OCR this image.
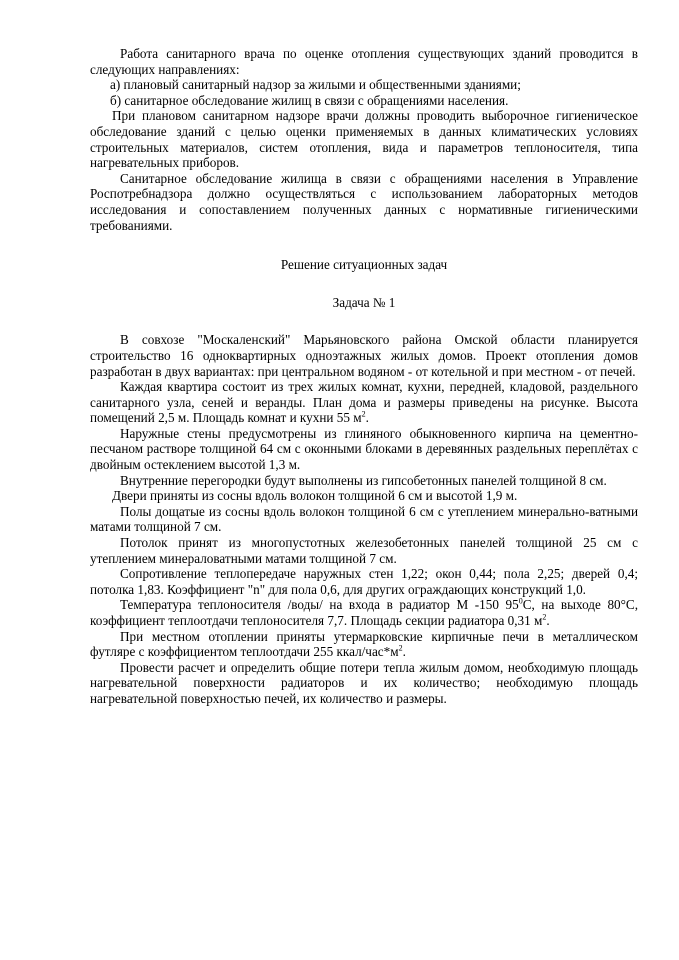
Работа санитарного врача по оценке отопления существующих зданий проводится в следующих направлениях:

а) плановый санитарный надзор за жилыми и общественными зданиями;

б) санитарное обследование жилищ в связи с обращениями населения.

При плановом санитарном надзоре врачи должны проводить выборочное гигиеническое обследование зданий с целью оценки применяемых в данных климатических условиях строительных материалов, систем отопления, вида и параметров теплоносителя, типа нагревательных приборов.

Санитарное обследование жилища в связи с обращениями населения в Управление Роспотребнадзора должно осуществляться с использованием лабораторных методов исследования и сопоставлением полученных данных с нормативные гигиеническими требованиями.

Решение ситуационных задач

Задача № 1

В совхозе "Москаленский" Марьяновского района Омской области планируется строительство 16 одноквартирных одноэтажных жилых домов. Проект отопления домов разработан в двух вариантах: при центральном водяном - от котельной и при местном - от печей.

Каждая квартира состоит из трех жилых комнат, кухни, передней, кладовой, раздельного санитарного узла, сеней и веранды. План дома и размеры приведены на рисунке. Высота помещений 2,5 м. Площадь комнат и кухни 55 $м^2$.

Наружные стены предусмотрены из глиняного обыкновенного кирпича на цементно-песчаном растворе толщиной 64 см с оконными блоками в деревянных раздельных переплётах с двойным остеклением высотой 1,3 м.

Внутренние перегородки будут выполнены из гипсобетонных панелей толщиной 8 см.

Двери приняты из сосны вдоль волокон толщиной 6 см и высотой 1,9 м.

Полы дощатые из сосны вдоль волокон толщиной 6 см с утеплением минерально-ватными матами толщиной 7 см.

Потолок принят из многопустотных железобетонных панелей толщиной 25 см с утеплением минераловатными матами толщиной 7 см.

Сопротивление теплопередаче наружных стен 1,22; окон 0,44; пола 2,25; дверей 0,4; потолка 1,83. Коэффициент "n" для пола 0,6, для других ограждающих конструкций 1,0.

Температура теплоносителя /воды/ на входа в радиатор М -150 $95^0С$, на выходе 80°С, коэффициент теплоотдачи теплоносителя 7,7. Площадь секции радиатора 0,31 $м^2$.

При местном отоплении приняты утермарковские кирпичные печи в металлическом футляре с коэффициентом теплоотдачи 255 ккал/$час*м^2$.

Провести расчет и определить общие потери тепла жилым домом, необходимую площадь нагревательной поверхности радиаторов и их количество; необходимую площадь нагревательной поверхностью печей, их количество и размеры.
